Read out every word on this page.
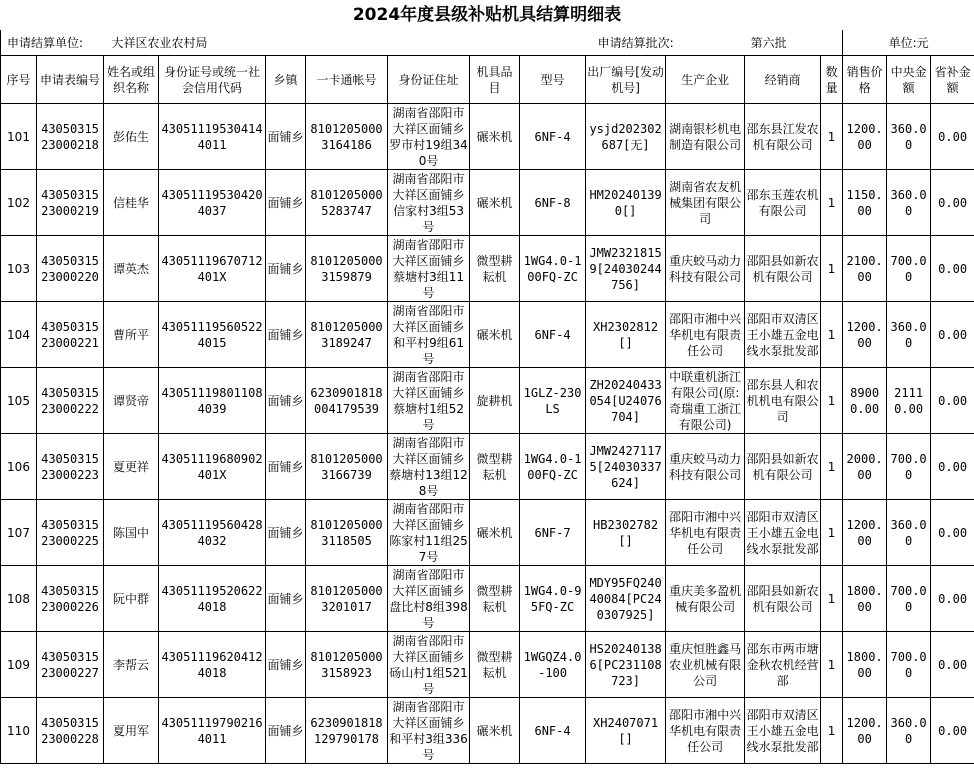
2024年度县级补贴机具结算明细表
申请结算单位:		大祥区农业农村局							申请结算批次:		第六批		单位:元		
序号	申请表编号	姓名或组织名称	身份证号或统一社会信用代码	乡镇	一卡通帐号	身份证住址	机具品目	型号	出厂编号[发动机号]	生产企业	经销商	数量	销售价格	中央金额	省补金额
101	4305031523000218	彭佑生	430511195304144011	面铺乡	81012050003164186	湖南省邵阳市大祥区面铺乡罗市村19组340号	碾米机	6NF-4	ysjd202302687[无]	湖南银杉机电制造有限公司	邵东县江发农机有限公司	1	1200.00	360.00	0.00
102	4305031523000219	信桂华	430511195304204037	面铺乡	81012050005283747	湖南省邵阳市大祥区面铺乡信家村3组53号	碾米机	6NF-8	HM202401390[]	湖南省农友机械集团有限公司	邵东玉莲农机有限公司	1	1150.00	360.00	0.00
103	4305031523000220	谭英杰	43051119670712401X	面铺乡	81012050003159879	湖南省邵阳市大祥区面铺乡蔡塘村3组11号	微型耕耘机	1WG4.0-100FQ-ZC	JMW23218159[24030244756]	重庆蛟马动力科技有限公司	邵阳县如新农机有限公司	1	2100.00	700.00	0.00
104	4305031523000221	曹所平	430511195605224015	面铺乡	81012050003189247	湖南省邵阳市大祥区面铺乡和平村9组61号	碾米机	6NF-4	XH2302812[]	邵阳市湘中兴华机电有限责任公司	邵阳市双清区王小雄五金电线水泵批发部	1	1200.00	360.00	0.00
105	4305031523000222	谭贤帝	430511198011084039	面铺乡	6230901818004179539	湖南省邵阳市大祥区面铺乡蔡塘村1组52号	旋耕机	1GLZ-230LS	ZH20240433054[U24076704]	中联重机浙江有限公司(原:奇瑞重工浙江有限公司)	邵东县人和农机机电有限公司	1	89000.00	21110.00	0.00
106	4305031523000223	夏更祥	43051119680902401X	面铺乡	81012050003166739	湖南省邵阳市大祥区面铺乡蔡塘村13组128号	微型耕耘机	1WG4.0-100FQ-ZC	JMW24271175[24030337624]	重庆蛟马动力科技有限公司	邵阳县如新农机有限公司	1	2000.00	700.00	0.00
107	4305031523000225	陈国中	430511195604284032	面铺乡	81012050003118505	湖南省邵阳市大祥区面铺乡陈家村11组257号	碾米机	6NF-7	HB2302782[]	邵阳市湘中兴华机电有限责任公司	邵阳市双清区王小雄五金电线水泵批发部	1	1200.00	360.00	0.00
108	4305031523000226	阮中群	430511195206224018	面铺乡	81012050003201017	湖南省邵阳市大祥区面铺乡盘比村8组398号	微型耕耘机	1WG4.0-95FQ-ZC	MDY95FQ24040084[PC240307925]	重庆美多盈机械有限公司	邵阳县如新农机有限公司	1	1800.00	700.00	0.00
109	4305031523000227	李帮云	430511196204124018	面铺乡	81012050003158923	湖南省邵阳市大祥区面铺乡砀山村1组521号	微型耕耘机	1WGQZ4.0-100	HS202401386[PC231108723]	重庆恒胜鑫马农业机械有限公司	邵东市两市塘金秋农机经营部	1	1800.00	700.00	0.00
110	4305031523000228	夏用军	430511197902164011	面铺乡	6230901818129790178	湖南省邵阳市大祥区面铺乡和平村3组336号	碾米机	6NF-4	XH2407071[]	邵阳市湘中兴华机电有限责任公司	邵阳市双清区王小雄五金电线水泵批发部	1	1200.00	360.00	0.00
